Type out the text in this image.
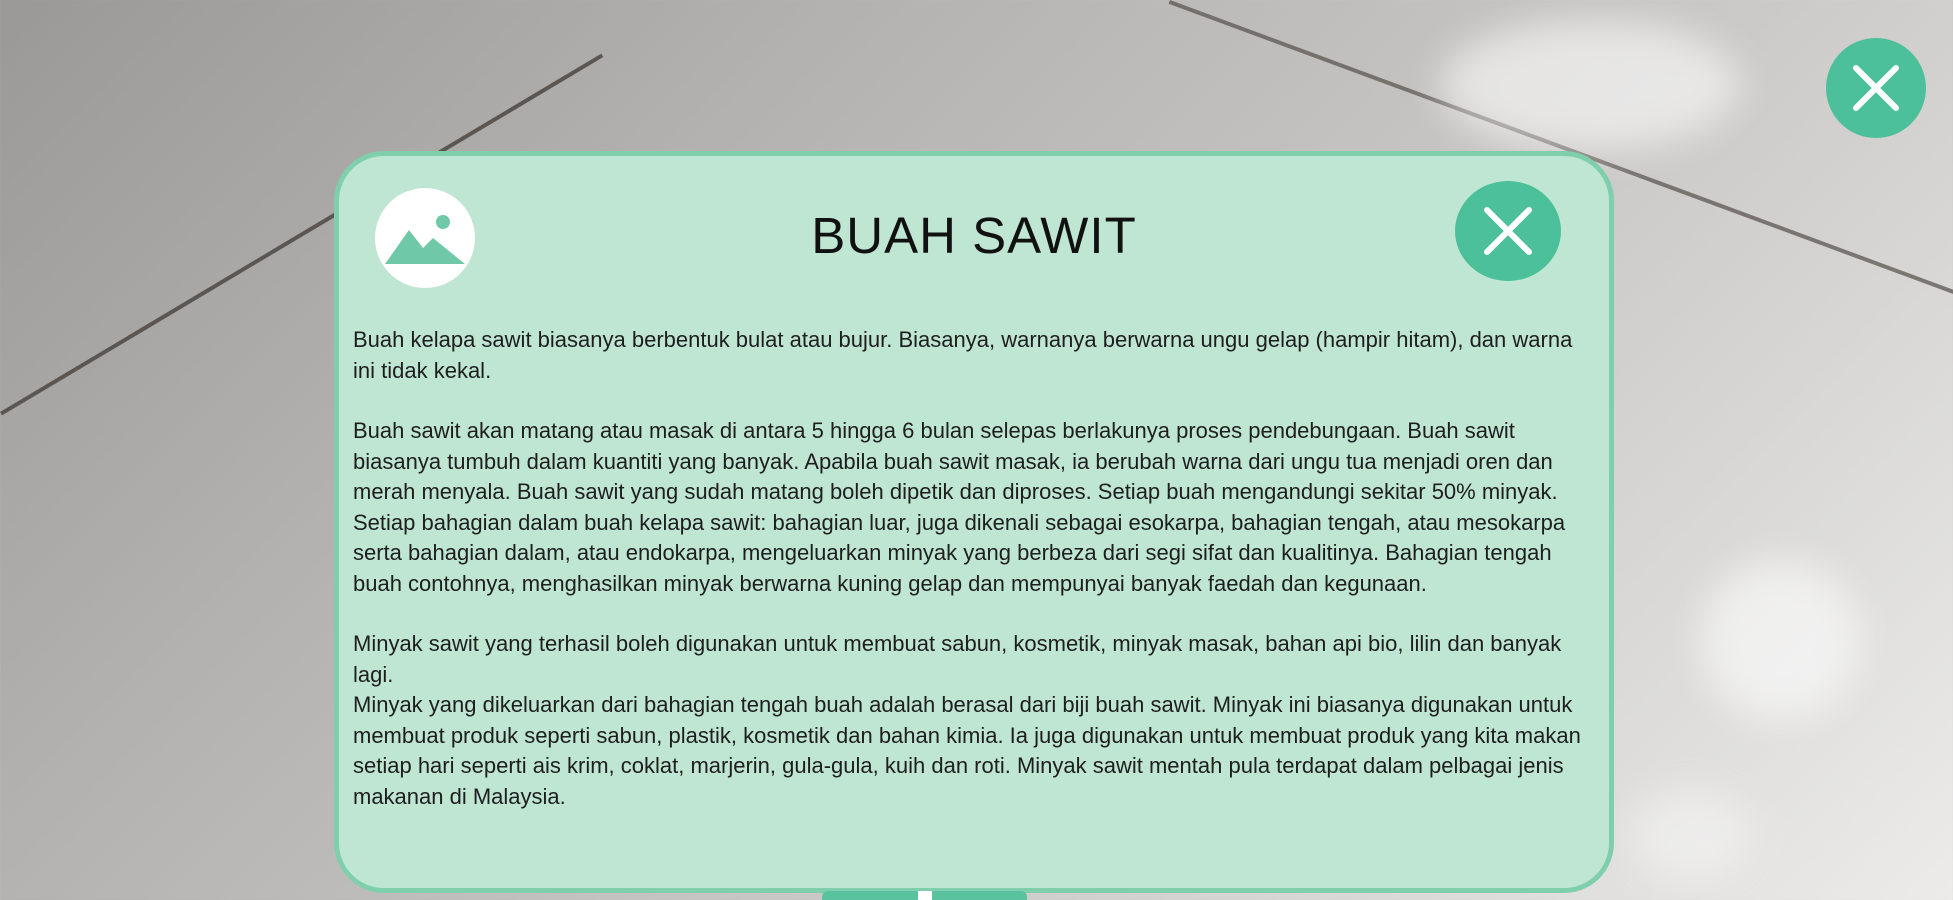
BUAH SAWIT

Buah kelapa sawit biasanya berbentuk bulat atau bujur. Biasanya, warnanya berwarna ungu gelap (hampir hitam), dan warna ini tidak kekal.

Buah sawit akan matang atau masak di antara 5 hingga 6 bulan selepas berlakunya proses pendebungaan. Buah sawit biasanya tumbuh dalam kuantiti yang banyak. Apabila buah sawit masak, ia berubah warna dari ungu tua menjadi oren dan merah menyala. Buah sawit yang sudah matang boleh dipetik dan diproses. Setiap buah mengandungi sekitar 50% minyak. Setiap bahagian dalam buah kelapa sawit: bahagian luar, juga dikenali sebagai esokarpa, bahagian tengah, atau mesokarpa serta bahagian dalam, atau endokarpa, mengeluarkan minyak yang berbeza dari segi sifat dan kualitinya. Bahagian tengah buah contohnya, menghasilkan minyak berwarna kuning gelap dan mempunyai banyak faedah dan kegunaan.

Minyak sawit yang terhasil boleh digunakan untuk membuat sabun, kosmetik, minyak masak, bahan api bio, lilin dan banyak lagi.

Minyak yang dikeluarkan dari bahagian tengah buah adalah berasal dari biji buah sawit. Minyak ini biasanya digunakan untuk membuat produk seperti sabun, plastik, kosmetik dan bahan kimia. Ia juga digunakan untuk membuat produk yang kita makan setiap hari seperti ais krim, coklat, marjerin, gula-gula, kuih dan roti. Minyak sawit mentah pula terdapat dalam pelbagai jenis makanan di Malaysia.
